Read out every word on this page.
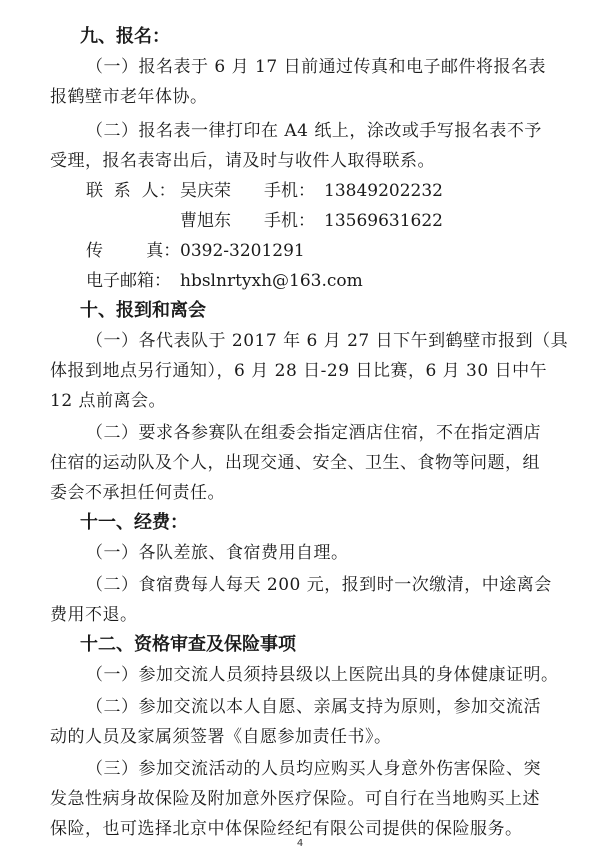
九、报名：
（一）报名表于 6 月 17 日前通过传真和电子邮件将报名表
报鹤壁市老年体协。
（二）报名表一律打印在 A4 纸上，涂改或手写报名表不予
受理，报名表寄出后，请及时与收件人取得联系。
联  系  人： 吴庆荣 手机： 13849202232
曹旭东 手机： 13569631622
传        真： 0392-3201291
电子邮箱： hbslnrtyxh@163.com
十、报到和离会
（一）各代表队于 2017 年 6 月 27 日下午到鹤壁市报到（具
体报到地点另行通知），6 月 28 日-29 日比赛，6 月 30 日中午
12 点前离会。
（二）要求各参赛队在组委会指定酒店住宿，不在指定酒店
住宿的运动队及个人，出现交通、安全、卫生、食物等问题，组
委会不承担任何责任。
十一、经费：
（一）各队差旅、食宿费用自理。
（二）食宿费每人每天 200 元，报到时一次缴清，中途离会
费用不退。
十二、资格审查及保险事项
（一）参加交流人员须持县级以上医院出具的身体健康证明。
（二）参加交流以本人自愿、亲属支持为原则，参加交流活
动的人员及家属须签署《自愿参加责任书》。
（三）参加交流活动的人员均应购买人身意外伤害保险、突
发急性病身故保险及附加意外医疗保险。可自行在当地购买上述
保险，也可选择北京中体保险经纪有限公司提供的保险服务。
4
